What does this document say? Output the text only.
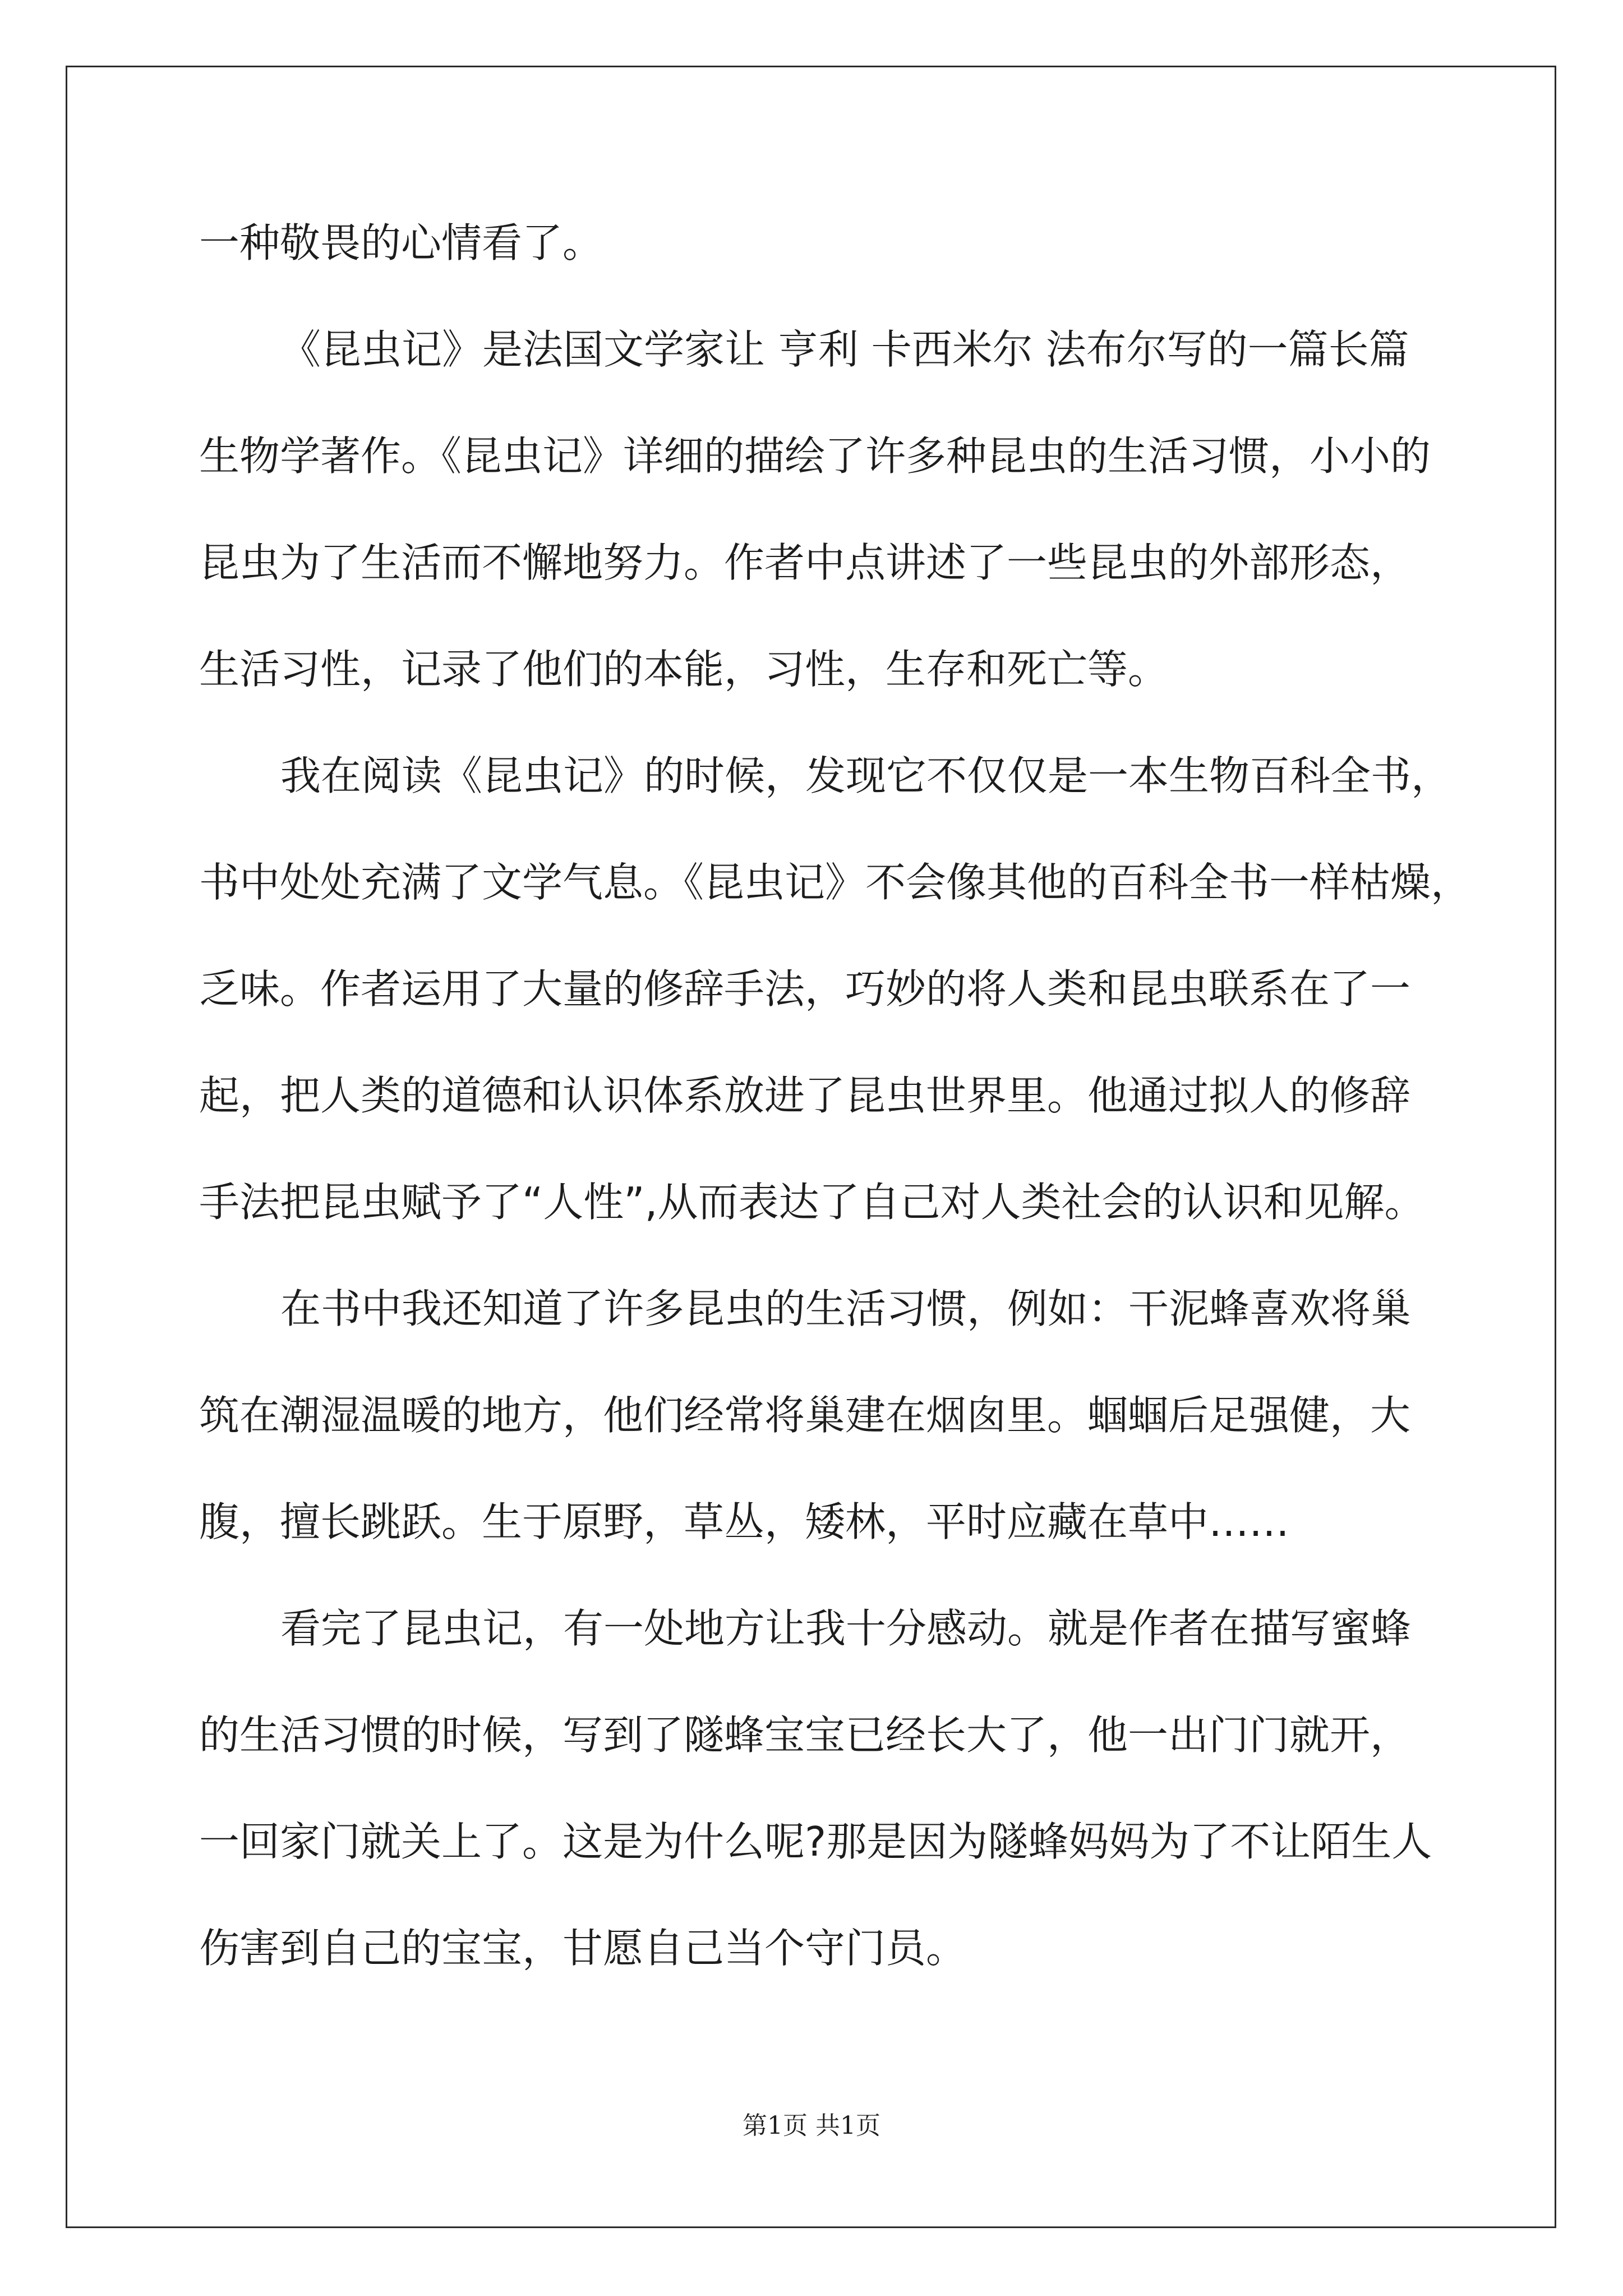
一种敬畏的心情看了。
《昆虫记》是法国文学家让 亨利 卡西米尔 法布尔写的一篇长篇
生物学著作。《昆虫记》详细的描绘了许多种昆虫的生活习惯，小小的
昆虫为了生活而不懈地努力。作者中点讲述了一些昆虫的外部形态，
生活习性，记录了他们的本能，习性，生存和死亡等。
我在阅读《昆虫记》的时候，发现它不仅仅是一本生物百科全书，
书中处处充满了文学气息。《昆虫记》不会像其他的百科全书一样枯燥，
乏味。作者运用了大量的修辞手法，巧妙的将人类和昆虫联系在了一
起，把人类的道德和认识体系放进了昆虫世界里。他通过拟人的修辞
手法把昆虫赋予了“人性”,从而表达了自己对人类社会的认识和见解。
在书中我还知道了许多昆虫的生活习惯，例如：干泥蜂喜欢将巢
筑在潮湿温暖的地方，他们经常将巢建在烟囱里。蝈蝈后足强健，大
腹，擅长跳跃。生于原野，草丛，矮林，平时应藏在草中……
看完了昆虫记，有一处地方让我十分感动。就是作者在描写蜜蜂
的生活习惯的时候，写到了隧蜂宝宝已经长大了，他一出门门就开，
一回家门就关上了。这是为什么呢?那是因为隧蜂妈妈为了不让陌生人
伤害到自己的宝宝，甘愿自己当个守门员。
第1页 共1页
